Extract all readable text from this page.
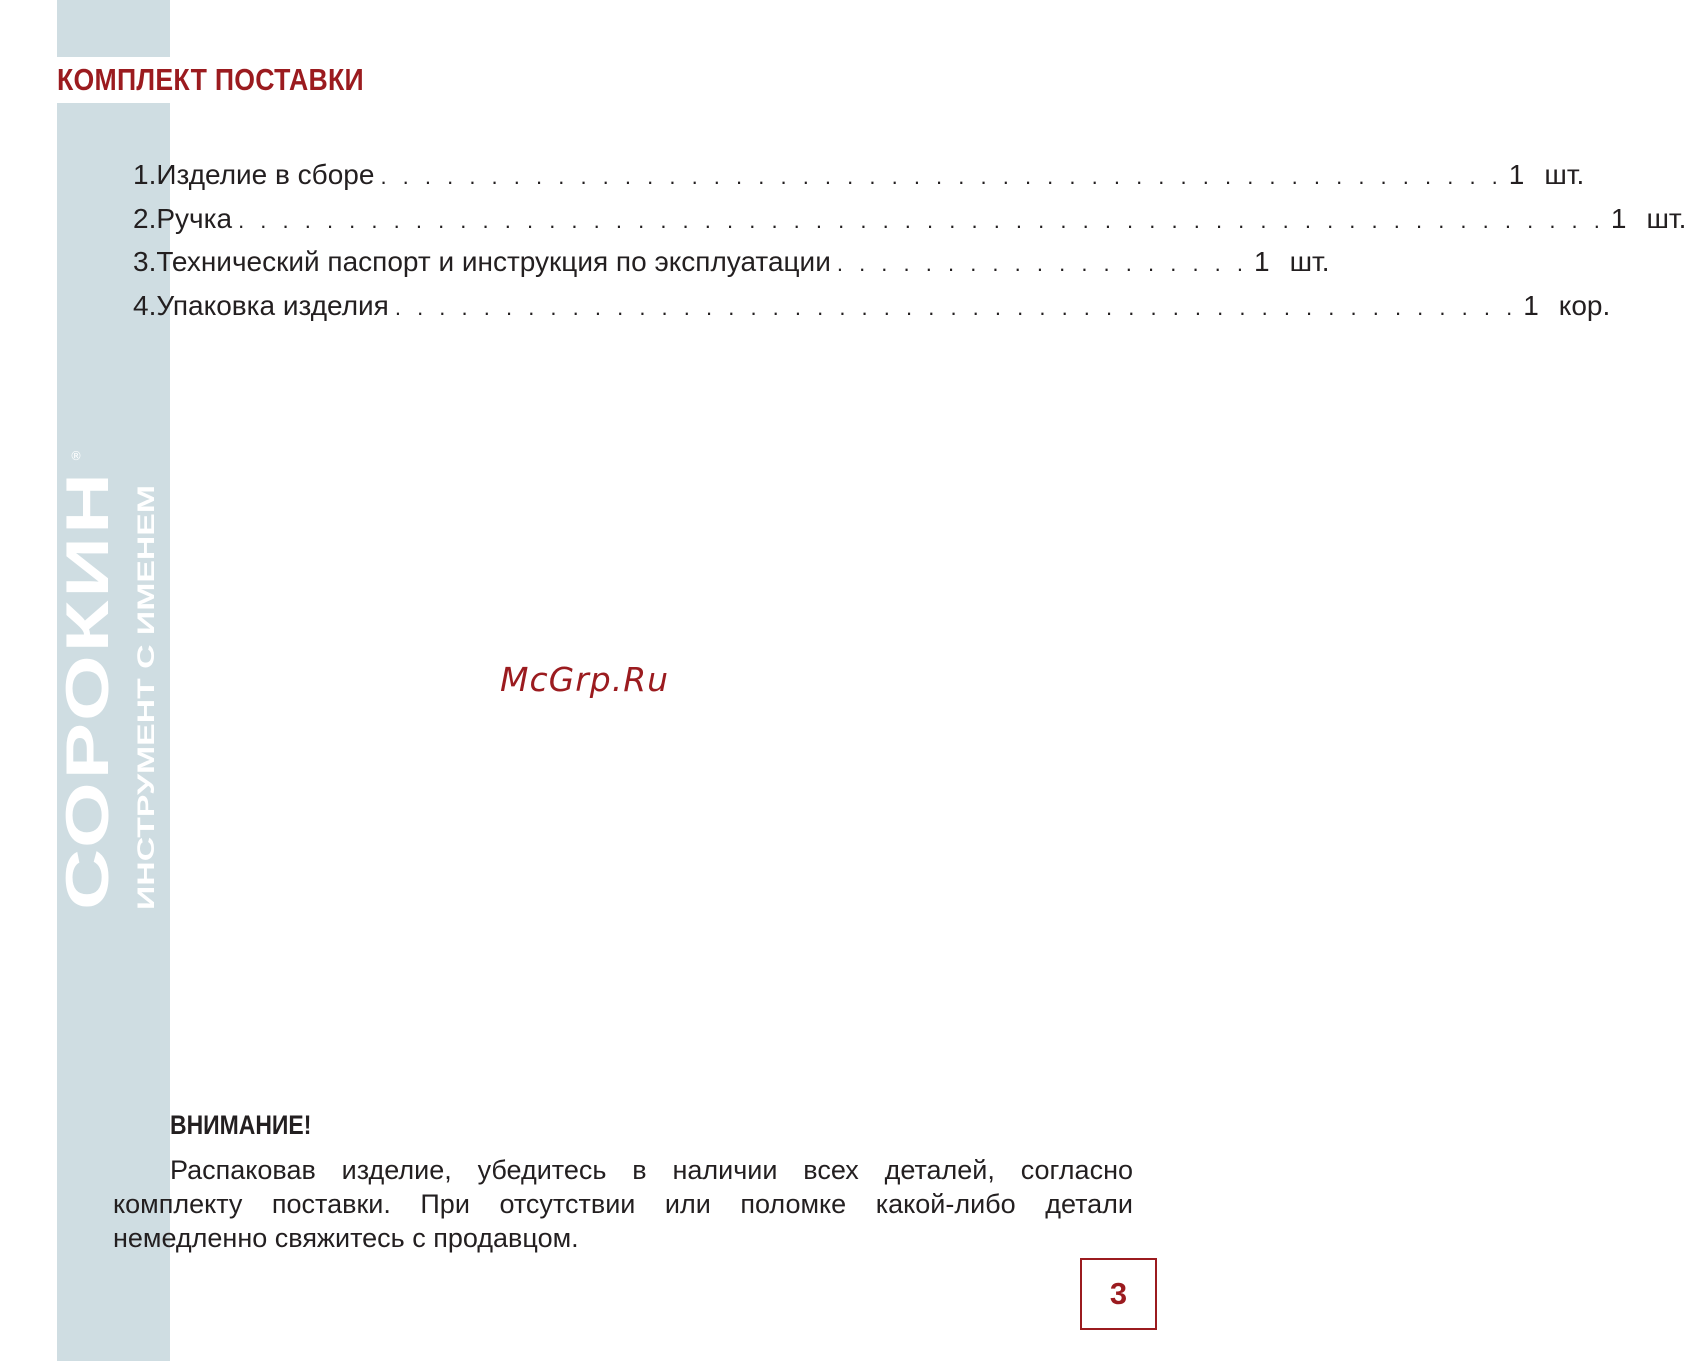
КОМПЛЕКТ ПОСТАВКИ
1. Изделие в сборе . . . . . . . . . . . . . . . . . . . . . . . . . . . . . . . . . . . . . . . . . . . . . . . . . . . 1 шт.
2. Ручка . . . . . . . . . . . . . . . . . . . . . . . . . . . . . . . . . . . . . . . . . . . . . . . . . . . . . . . . . . . . . . 1 шт.
3. Технический паспорт и инструкция по эксплуатации . . . . . . . . . . . . . . . . . . . 1 шт.
4. Упаковка изделия . . . . . . . . . . . . . . . . . . . . . . . . . . . . . . . . . . . . . . . . . . . . . . . . . . . 1 кор.
СОРОКИН ИНСТРУМЕНТ С ИМЕНЕМ
®
McGrp.Ru
ВНИМАНИЕ!

Распаковав изделие, убедитесь в наличии всех деталей, согласно комплекту поставки. При отсутствии или поломке какой-либо детали немедленно свяжитесь с продавцом.

3
